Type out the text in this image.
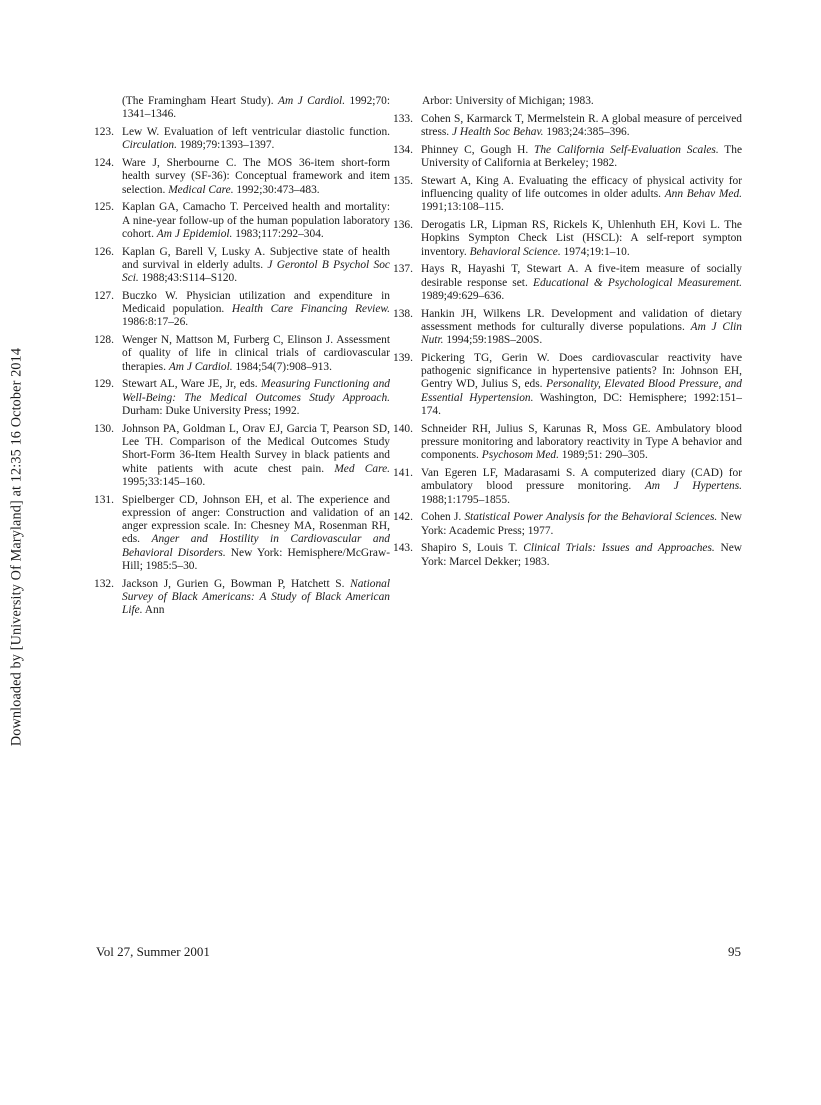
Downloaded by [University Of Maryland] at 12:35 16 October 2014

(The Framingham Heart Study). Am J Cardiol. 1992;70: 1341–1346.

123. Lew W. Evaluation of left ventricular diastolic function. Circulation. 1989;79:1393–1397.

124. Ware J, Sherbourne C. The MOS 36-item short-form health survey (SF-36): Conceptual framework and item selection. Medical Care. 1992;30:473–483.

125. Kaplan GA, Camacho T. Perceived health and mortality: A nine-year follow-up of the human population laboratory cohort. Am J Epidemiol. 1983;117:292–304.

126. Kaplan G, Barell V, Lusky A. Subjective state of health and survival in elderly adults. J Gerontol B Psychol Soc Sci. 1988;43:S114–S120.

127. Buczko W. Physician utilization and expenditure in Medicaid population. Health Care Financing Review. 1986:8:17–26.

128. Wenger N, Mattson M, Furberg C, Elinson J. Assessment of quality of life in clinical trials of cardiovascular therapies. Am J Cardiol. 1984;54(7):908–913.

129. Stewart AL, Ware JE, Jr, eds. Measuring Functioning and Well-Being: The Medical Outcomes Study Approach. Durham: Duke University Press; 1992.

130. Johnson PA, Goldman L, Orav EJ, Garcia T, Pearson SD, Lee TH. Comparison of the Medical Outcomes Study Short-Form 36-Item Health Survey in black patients and white patients with acute chest pain. Med Care. 1995;33:145–160.

131. Spielberger CD, Johnson EH, et al. The experience and expression of anger: Construction and validation of an anger expression scale. In: Chesney MA, Rosenman RH, eds. Anger and Hostility in Cardiovascular and Behavioral Disorders. New York: Hemisphere/McGraw-Hill; 1985:5–30.

132. Jackson J, Gurien G, Bowman P, Hatchett S. National Survey of Black Americans: A Study of Black American Life. Ann

Arbor: University of Michigan; 1983.

133. Cohen S, Karmarck T, Mermelstein R. A global measure of perceived stress. J Health Soc Behav. 1983;24:385–396.

134. Phinney C, Gough H. The California Self-Evaluation Scales. The University of California at Berkeley; 1982.

135. Stewart A, King A. Evaluating the efficacy of physical activity for influencing quality of life outcomes in older adults. Ann Behav Med. 1991;13:108–115.

136. Derogatis LR, Lipman RS, Rickels K, Uhlenhuth EH, Kovi L. The Hopkins Sympton Check List (HSCL): A self-report sympton inventory. Behavioral Science. 1974;19:1–10.

137. Hays R, Hayashi T, Stewart A. A five-item measure of socially desirable response set. Educational & Psychological Measurement. 1989;49:629–636.

138. Hankin JH, Wilkens LR. Development and validation of dietary assessment methods for culturally diverse populations. Am J Clin Nutr. 1994;59:198S–200S.

139. Pickering TG, Gerin W. Does cardiovascular reactivity have pathogenic significance in hypertensive patients? In: Johnson EH, Gentry WD, Julius S, eds. Personality, Elevated Blood Pressure, and Essential Hypertension. Washington, DC: Hemisphere; 1992:151–174.

140. Schneider RH, Julius S, Karunas R, Moss GE. Ambulatory blood pressure monitoring and laboratory reactivity in Type A behavior and components. Psychosom Med. 1989;51: 290–305.

141. Van Egeren LF, Madarasami S. A computerized diary (CAD) for ambulatory blood pressure monitoring. Am J Hypertens. 1988;1:1795–1855.

142. Cohen J. Statistical Power Analysis for the Behavioral Sciences. New York: Academic Press; 1977.

143. Shapiro S, Louis T. Clinical Trials: Issues and Approaches. New York: Marcel Dekker; 1983.

Vol 27, Summer 2001	95
